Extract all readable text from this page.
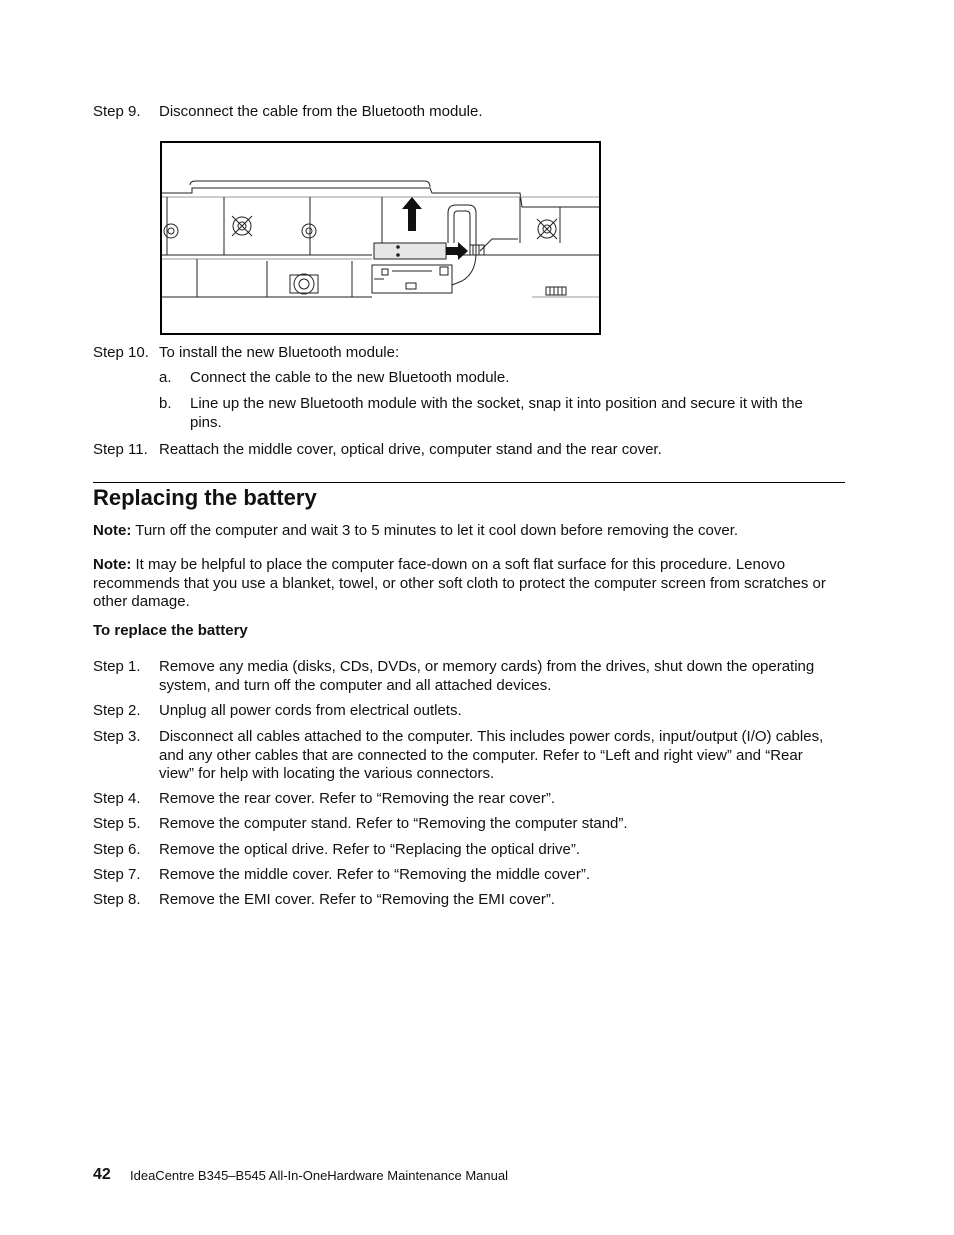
Step 9. Disconnect the cable from the Bluetooth module.
Step 10. To install the new Bluetooth module:
a. Connect the cable to the new Bluetooth module.
b. Line up the new Bluetooth module with the socket, snap it into position and secure it with the pins.
Step 11. Reattach the middle cover, optical drive, computer stand and the rear cover.
Replacing the battery
Note: Turn off the computer and wait 3 to 5 minutes to let it cool down before removing the cover.
Note: It may be helpful to place the computer face-down on a soft flat surface for this procedure. Lenovo recommends that you use a blanket, towel, or other soft cloth to protect the computer screen from scratches or other damage.
To replace the battery
Step 1. Remove any media (disks, CDs, DVDs, or memory cards) from the drives, shut down the operating system, and turn off the computer and all attached devices.
Step 2. Unplug all power cords from electrical outlets.
Step 3. Disconnect all cables attached to the computer. This includes power cords, input/output (I/O) cables, and any other cables that are connected to the computer. Refer to “Left and right view” and “Rear view” for help with locating the various connectors.
Step 4. Remove the rear cover. Refer to “Removing the rear cover”.
Step 5. Remove the computer stand. Refer to “Removing the computer stand”.
Step 6. Remove the optical drive. Refer to “Replacing the optical drive”.
Step 7. Remove the middle cover. Refer to “Removing the middle cover”.
Step 8. Remove the EMI cover. Refer to “Removing the EMI cover”.
42 IdeaCentre B345–B545 All-In-OneHardware Maintenance Manual
